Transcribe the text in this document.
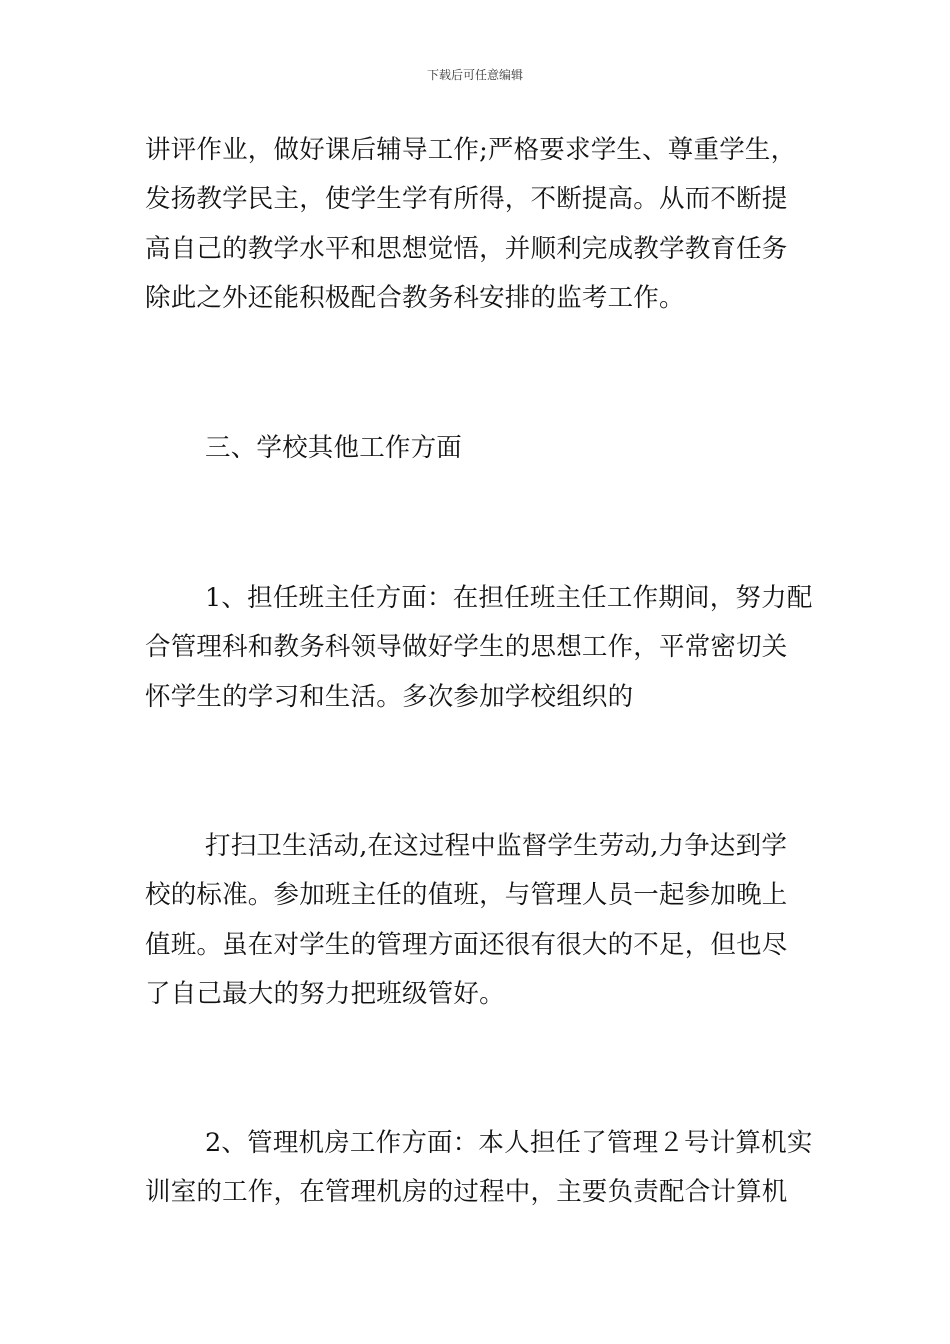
下载后可任意编辑
讲评作业，做好课后辅导工作;严格要求学生、尊重学生，
发扬教学民主，使学生学有所得，不断提高。从而不断提
高自己的教学水平和思想觉悟，并顺利完成教学教育任务
除此之外还能积极配合教务科安排的监考工作。
三、学校其他工作方面
1、担任班主任方面：在担任班主任工作期间，努力配
合管理科和教务科领导做好学生的思想工作，平常密切关
怀学生的学习和生活。多次参加学校组织的
打扫卫生活动,在这过程中监督学生劳动,力争达到学
校的标准。参加班主任的值班，与管理人员一起参加晚上
值班。虽在对学生的管理方面还很有很大的不足，但也尽
了自己最大的努力把班级管好。
2、管理机房工作方面：本人担任了管理２号计算机实
训室的工作，在管理机房的过程中，主要负责配合计算机
